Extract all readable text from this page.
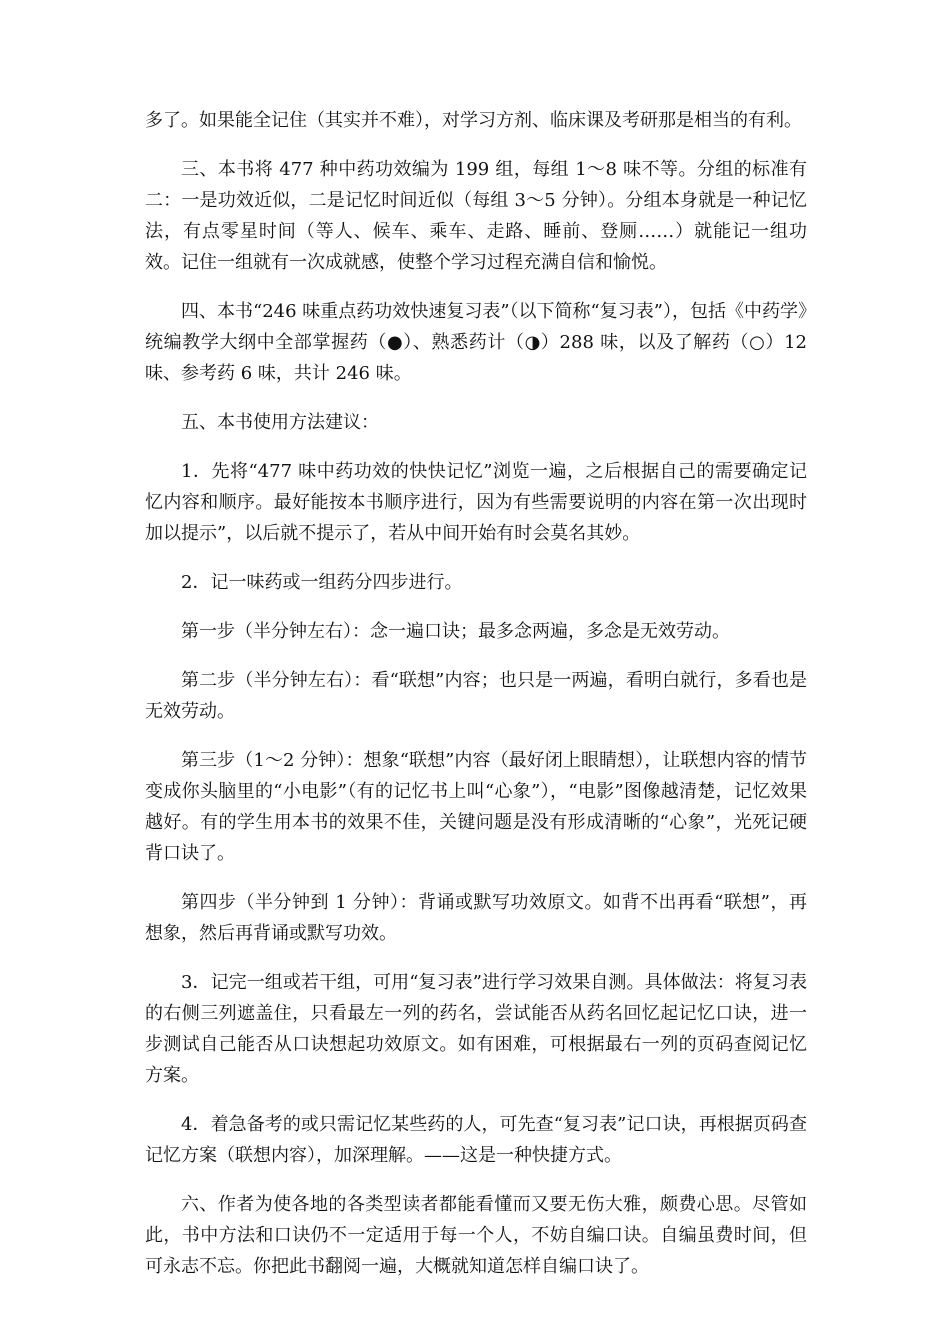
多了。如果能全记住（其实并不难），对学习方剂、临床课及考研那是相当的有利。

三、本书将 477 种中药功效编为 199 组，每组 1～8 味不等。分组的标准有二：一是功效近似，二是记忆时间近似（每组 3～5 分钟）。分组本身就是一种记忆法，有点零星时间（等人、候车、乘车、走路、睡前、登厕……）就能记一组功效。记住一组就有一次成就感，使整个学习过程充满自信和愉悦。

四、本书“246 味重点药功效快速复习表”（以下简称“复习表”），包括《中药学》统编教学大纲中全部掌握药（●）、熟悉药计（◑）288 味，以及了解药（○）12 味、参考药 6 味，共计 246 味。

五、本书使用方法建议：

1．先将“477 味中药功效的快快记忆”浏览一遍，之后根据自己的需要确定记忆内容和顺序。最好能按本书顺序进行，因为有些需要说明的内容在第一次出现时加以提示”，以后就不提示了，若从中间开始有时会莫名其妙。

2．记一味药或一组药分四步进行。

第一步（半分钟左右）：念一遍口诀；最多念两遍，多念是无效劳动。

第二步（半分钟左右）：看“联想”内容；也只是一两遍，看明白就行，多看也是无效劳动。

第三步（1～2 分钟）：想象“联想”内容（最好闭上眼睛想），让联想内容的情节变成你头脑里的“小电影”（有的记忆书上叫“心象”），“电影”图像越清楚，记忆效果越好。有的学生用本书的效果不佳，关键问题是没有形成清晰的“心象”，光死记硬背口诀了。

第四步（半分钟到 1 分钟）：背诵或默写功效原文。如背不出再看“联想”，再想象，然后再背诵或默写功效。

3．记完一组或若干组，可用“复习表”进行学习效果自测。具体做法：将复习表的右侧三列遮盖住，只看最左一列的药名，尝试能否从药名回忆起记忆口诀，进一步测试自己能否从口诀想起功效原文。如有困难，可根据最右一列的页码查阅记忆方案。

4．着急备考的或只需记忆某些药的人，可先查“复习表”记口诀，再根据页码查记忆方案（联想内容），加深理解。——这是一种快捷方式。

六、作者为使各地的各类型读者都能看懂而又要无伤大雅，颇费心思。尽管如此，书中方法和口诀仍不一定适用于每一个人，不妨自编口诀。自编虽费时间，但可永志不忘。你把此书翻阅一遍，大概就知道怎样自编口诀了。
